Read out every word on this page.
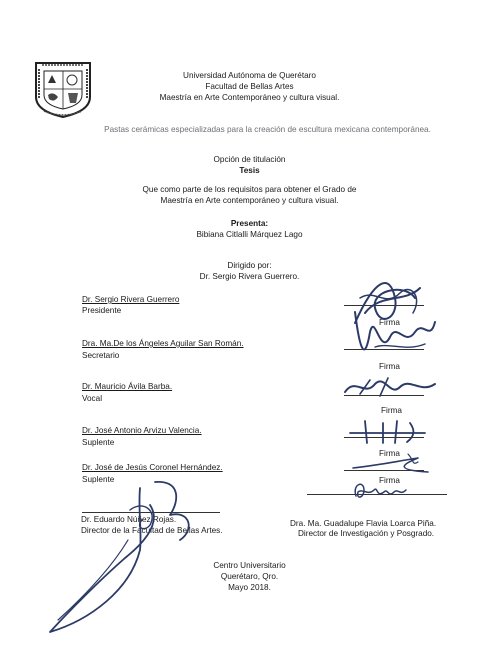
Universidad Autónoma de Querétaro
Facultad de Bellas Artes
Maestría en Arte Contemporáneo y cultura visual.
Pastas cerámicas especializadas para la creación de escultura mexicana contemporánea.
Opción de titulación
Tesis
Que como parte de los requisitos para obtener el Grado de
Maestría en Arte contemporáneo y cultura visual.
Presenta:
Bibiana Citlalli Márquez Lago
Dirigido por:
Dr. Sergio Rivera Guerrero.
Dr. Sergio Rivera Guerrero
Presidente
Firma
Dra. Ma.De los Ángeles Aguilar San Román.
Secretario
Firma
Dr. Mauricio Ávila Barba.
Vocal
Firma
Dr. José Antonio Arvizu Valencia.
Suplente
Firma
Dr. José de Jesús Coronel Hernández.
Suplente	Firma
Dr. Eduardo Núñez Rojas.
Director de la Facultad de Bellas Artes.
Dra. Ma. Guadalupe Flavia Loarca Piña.
Director de Investigación y Posgrado.
Centro Universitario
Querétaro, Qro.
Mayo 2018.
